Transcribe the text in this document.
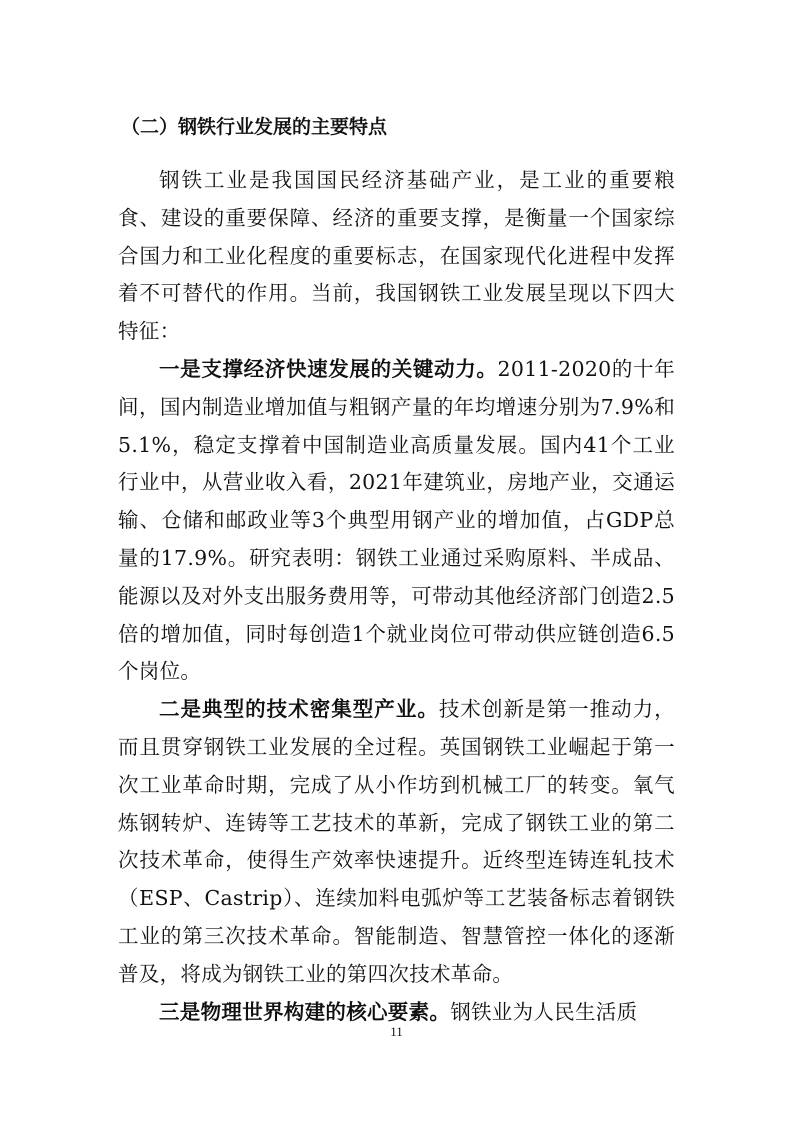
（二）钢铁行业发展的主要特点

钢铁工业是我国国民经济基础产业，是工业的重要粮食、建设的重要保障、经济的重要支撑，是衡量一个国家综合国力和工业化程度的重要标志，在国家现代化进程中发挥着不可替代的作用。当前，我国钢铁工业发展呈现以下四大特征：

一是支撑经济快速发展的关键动力。2011-2020的十年间，国内制造业增加值与粗钢产量的年均增速分别为7.9%和5.1%，稳定支撑着中国制造业高质量发展。国内41个工业行业中，从营业收入看，2021年建筑业，房地产业，交通运输、仓储和邮政业等3个典型用钢产业的增加值，占GDP总量的17.9%。研究表明：钢铁工业通过采购原料、半成品、能源以及对外支出服务费用等，可带动其他经济部门创造2.5倍的增加值，同时每创造1个就业岗位可带动供应链创造6.5个岗位。

二是典型的技术密集型产业。技术创新是第一推动力，而且贯穿钢铁工业发展的全过程。英国钢铁工业崛起于第一次工业革命时期，完成了从小作坊到机械工厂的转变。氧气炼钢转炉、连铸等工艺技术的革新，完成了钢铁工业的第二次技术革命，使得生产效率快速提升。近终型连铸连轧技术（ESP、Castrip）、连续加料电弧炉等工艺装备标志着钢铁工业的第三次技术革命。智能制造、智慧管控一体化的逐渐普及，将成为钢铁工业的第四次技术革命。

三是物理世界构建的核心要素。钢铁业为人民生活质

11
